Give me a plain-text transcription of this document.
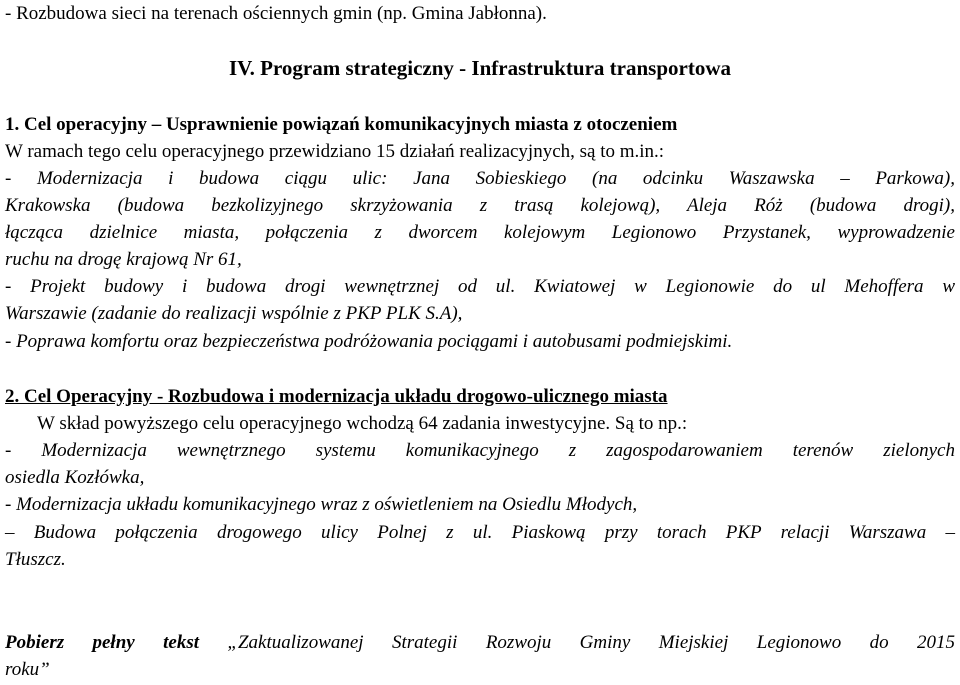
- Rozbudowa sieci na terenach ościennych gmin (np. Gmina Jabłonna).
IV. Program strategiczny - Infrastruktura transportowa
1. Cel operacyjny – Usprawnienie powiązań komunikacyjnych miasta z otoczeniem
W ramach tego celu operacyjnego przewidziano 15 działań realizacyjnych, są to m.in.:
- Modernizacja i budowa ciągu ulic: Jana Sobieskiego (na odcinku Waszawska – Parkowa),
Krakowska (budowa bezkolizyjnego skrzyżowania z trasą kolejową), Aleja Róż (budowa drogi),
łącząca dzielnice miasta, połączenia z dworcem kolejowym Legionowo Przystanek, wyprowadzenie
ruchu na drogę krajową Nr 61,
- Projekt budowy i budowa drogi wewnętrznej od ul. Kwiatowej w Legionowie do ul Mehoffera w
Warszawie (zadanie do realizacji wspólnie z PKP PLK S.A),
- Poprawa komfortu oraz bezpieczeństwa podróżowania pociągami i autobusami podmiejskimi.
2. Cel Operacyjny - Rozbudowa i modernizacja układu drogowo-ulicznego miasta
W skład powyższego celu operacyjnego wchodzą 64 zadania inwestycyjne. Są to np.:
- Modernizacja wewnętrznego systemu komunikacyjnego z zagospodarowaniem terenów zielonych
osiedla Kozłówka,
- Modernizacja układu komunikacyjnego wraz z oświetleniem na Osiedlu Młodych,
– Budowa połączenia drogowego ulicy Polnej z ul. Piaskową przy torach PKP relacji Warszawa –
Tłuszcz.
Pobierz pełny tekst „Zaktualizowanej Strategii Rozwoju Gminy Miejskiej Legionowo do 2015
roku”
